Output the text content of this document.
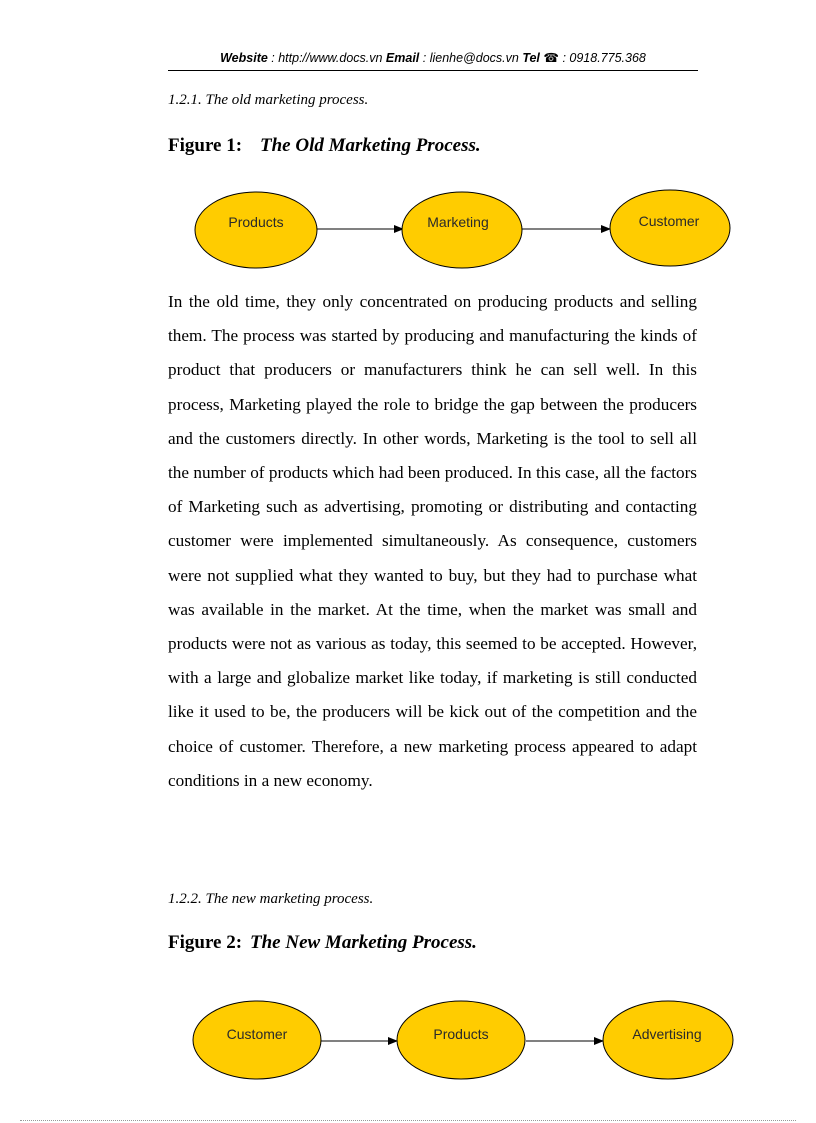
Website : http://www.docs.vn Email : lienhe@docs.vn Tel ☎ : 0918.775.368
1.2.1. The old marketing process.
Figure 1: The Old Marketing Process.
Products	Marketing	Customer
In the old time, they only concentrated on producing products and selling them. The process was started by producing and manufacturing the kinds of product that producers or manufacturers think he can sell well. In this process, Marketing played the role to bridge the gap between the producers and the customers directly. In other words, Marketing is the tool to sell all the number of products which had been produced. In this case, all the factors of Marketing such as advertising, promoting or distributing and contacting customer were implemented simultaneously. As consequence, customers were not supplied what they wanted to buy, but they had to purchase what was available in the market. At the time, when the market was small and products were not as various as today, this seemed to be accepted. However, with a large and globalize market like today, if marketing is still conducted like it used to be, the producers will be kick out of the competition and the choice of customer. Therefore, a new marketing process appeared to adapt conditions in a new economy.
1.2.2. The new marketing process.
Figure 2: The New Marketing Process.
Customer	Products	Advertising
